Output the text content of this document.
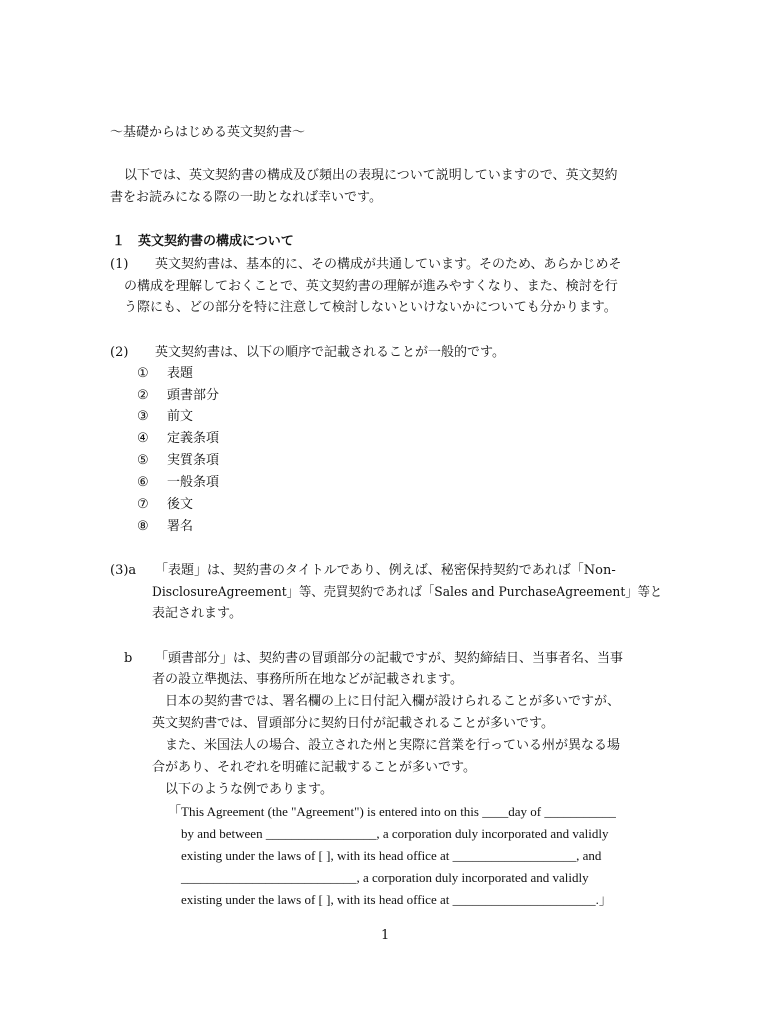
～基礎からはじめる英文契約書～
以下では、英文契約書の構成及び頻出の表現について説明していますので、英文契約
書をお読みになる際の一助となれば幸いです。
１　英文契約書の構成について
(1) 英文契約書は、基本的に、その構成が共通しています。そのため、あらかじめそ
の構成を理解しておくことで、英文契約書の理解が進みやすくなり、また、検討を行
う際にも、どの部分を特に注意して検討しないといけないかについても分かります。
(2) 英文契約書は、以下の順序で記載されることが一般的です。
① 表題
② 頭書部分
③ 前文
④ 定義条項
⑤ 実質条項
⑥ 一般条項
⑦ 後文
⑧ 署名
(3)a 「表題」は、契約書のタイトルであり、例えば、秘密保持契約であれば「Non-
DisclosureAgreement」等、売買契約であれば「Sales and PurchaseAgreement」等と
表記されます。
b 「頭書部分」は、契約書の冒頭部分の記載ですが、契約締結日、当事者名、当事
者の設立準拠法、事務所所在地などが記載されます。
　日本の契約書では、署名欄の上に日付記入欄が設けられることが多いですが、
英文契約書では、冒頭部分に契約日付が記載されることが多いです。
　また、米国法人の場合、設立された州と実際に営業を行っている州が異なる場
合があり、それぞれを明確に記載することが多いです。
　以下のような例であります。
「This Agreement (the "Agreement") is entered into on this ____day of ___________
by and between _________________, a corporation duly incorporated and validly
existing under the laws of [ ], with its head office at ___________________, and
___________________________, a corporation duly incorporated and validly
existing under the laws of [ ], with its head office at ______________________.」
1
